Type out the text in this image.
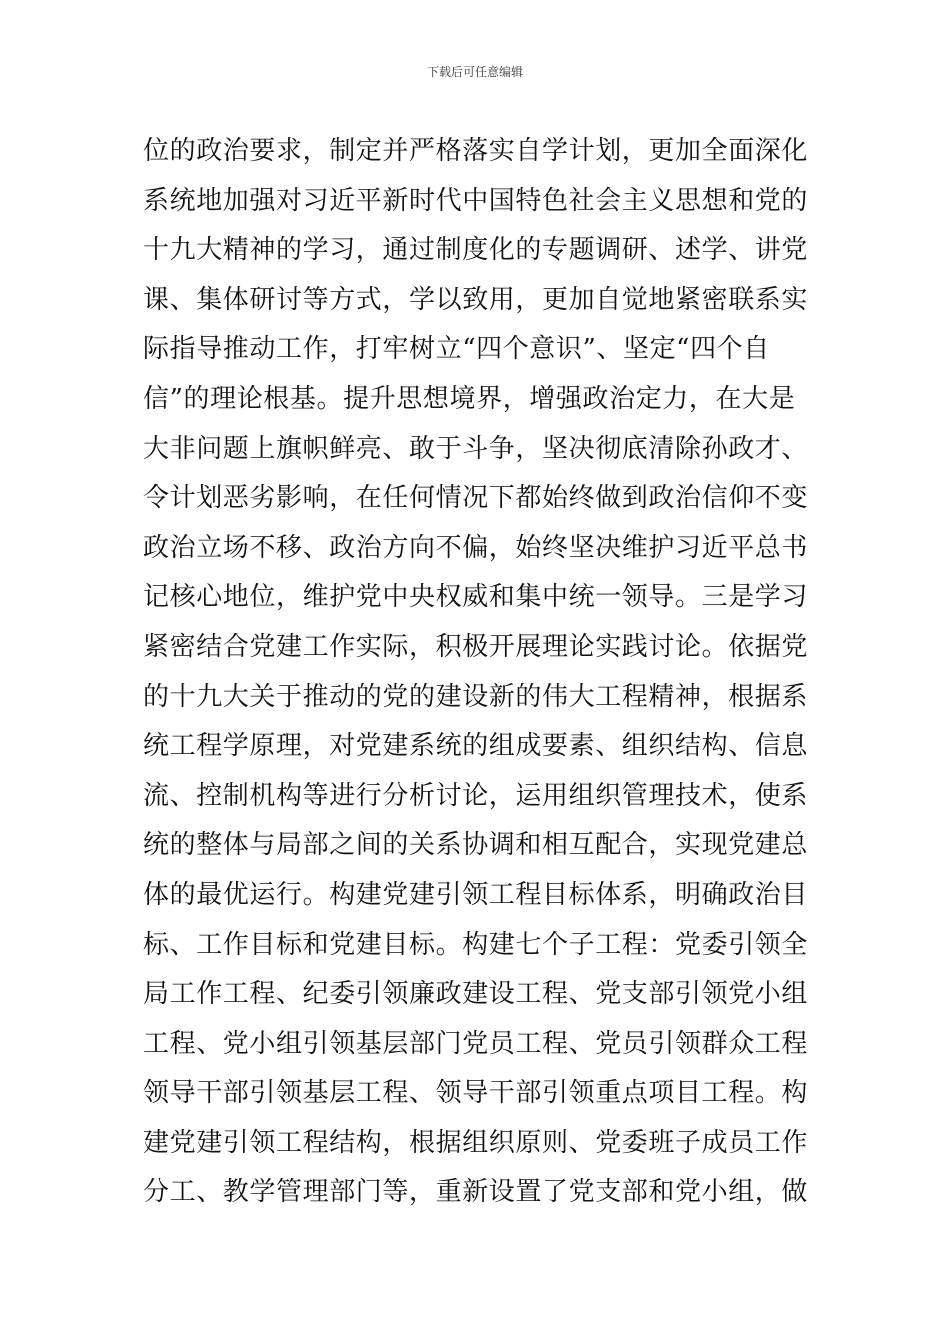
下载后可任意编辑
位的政治要求，制定并严格落实自学计划，更加全面深化
系统地加强对习近平新时代中国特色社会主义思想和党的
十九大精神的学习，通过制度化的专题调研、述学、讲党
课、集体研讨等方式，学以致用，更加自觉地紧密联系实
际指导推动工作，打牢树立“四个意识”、坚定“四个自
信”的理论根基。提升思想境界，增强政治定力，在大是
大非问题上旗帜鲜亮、敢于斗争，坚决彻底清除孙政才、
令计划恶劣影响，在任何情况下都始终做到政治信仰不变
政治立场不移、政治方向不偏，始终坚决维护习近平总书
记核心地位，维护党中央权威和集中统一领导。三是学习
紧密结合党建工作实际，积极开展理论实践讨论。依据党
的十九大关于推动的党的建设新的伟大工程精神，根据系
统工程学原理，对党建系统的组成要素、组织结构、信息
流、控制机构等进行分析讨论，运用组织管理技术，使系
统的整体与局部之间的关系协调和相互配合，实现党建总
体的最优运行。构建党建引领工程目标体系，明确政治目
标、工作目标和党建目标。构建七个子工程：党委引领全
局工作工程、纪委引领廉政建设工程、党支部引领党小组
工程、党小组引领基层部门党员工程、党员引领群众工程
领导干部引领基层工程、领导干部引领重点项目工程。构
建党建引领工程结构，根据组织原则、党委班子成员工作
分工、教学管理部门等，重新设置了党支部和党小组，做
